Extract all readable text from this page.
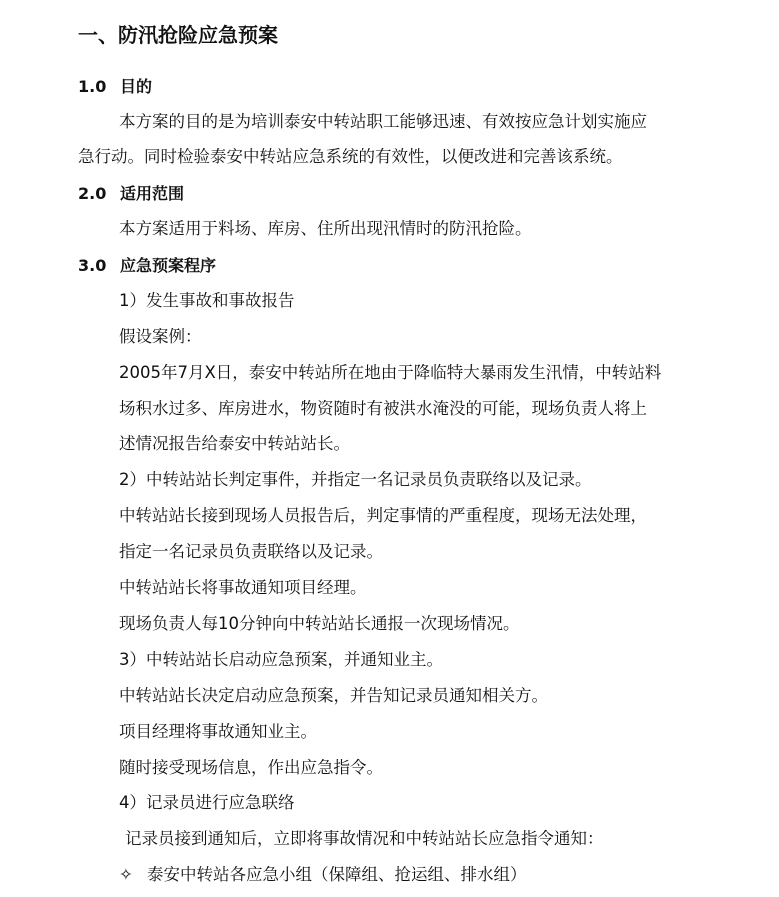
一、防汛抢险应急预案
1.0 目的
本方案的目的是为培训泰安中转站职工能够迅速、有效按应急计划实施应
急行动。同时检验泰安中转站应急系统的有效性，以便改进和完善该系统。
2.0 适用范围
本方案适用于料场、库房、住所出现汛情时的防汛抢险。
3.0 应急预案程序
1）发生事故和事故报告
假设案例：
2005年7月X日，泰安中转站所在地由于降临特大暴雨发生汛情，中转站料
场积水过多、库房进水，物资随时有被洪水淹没的可能，现场负责人将上
述情况报告给泰安中转站站长。
2）中转站站长判定事件，并指定一名记录员负责联络以及记录。
中转站站长接到现场人员报告后，判定事情的严重程度，现场无法处理，
指定一名记录员负责联络以及记录。
中转站站长将事故通知项目经理。
现场负责人每10分钟向中转站站长通报一次现场情况。
3）中转站站长启动应急预案，并通知业主。
中转站站长决定启动应急预案，并告知记录员通知相关方。
项目经理将事故通知业主。
随时接受现场信息，作出应急指令。
4）记录员进行应急联络
记录员接到通知后，立即将事故情况和中转站站长应急指令通知：
✧ 泰安中转站各应急小组（保障组、抢运组、排水组）
